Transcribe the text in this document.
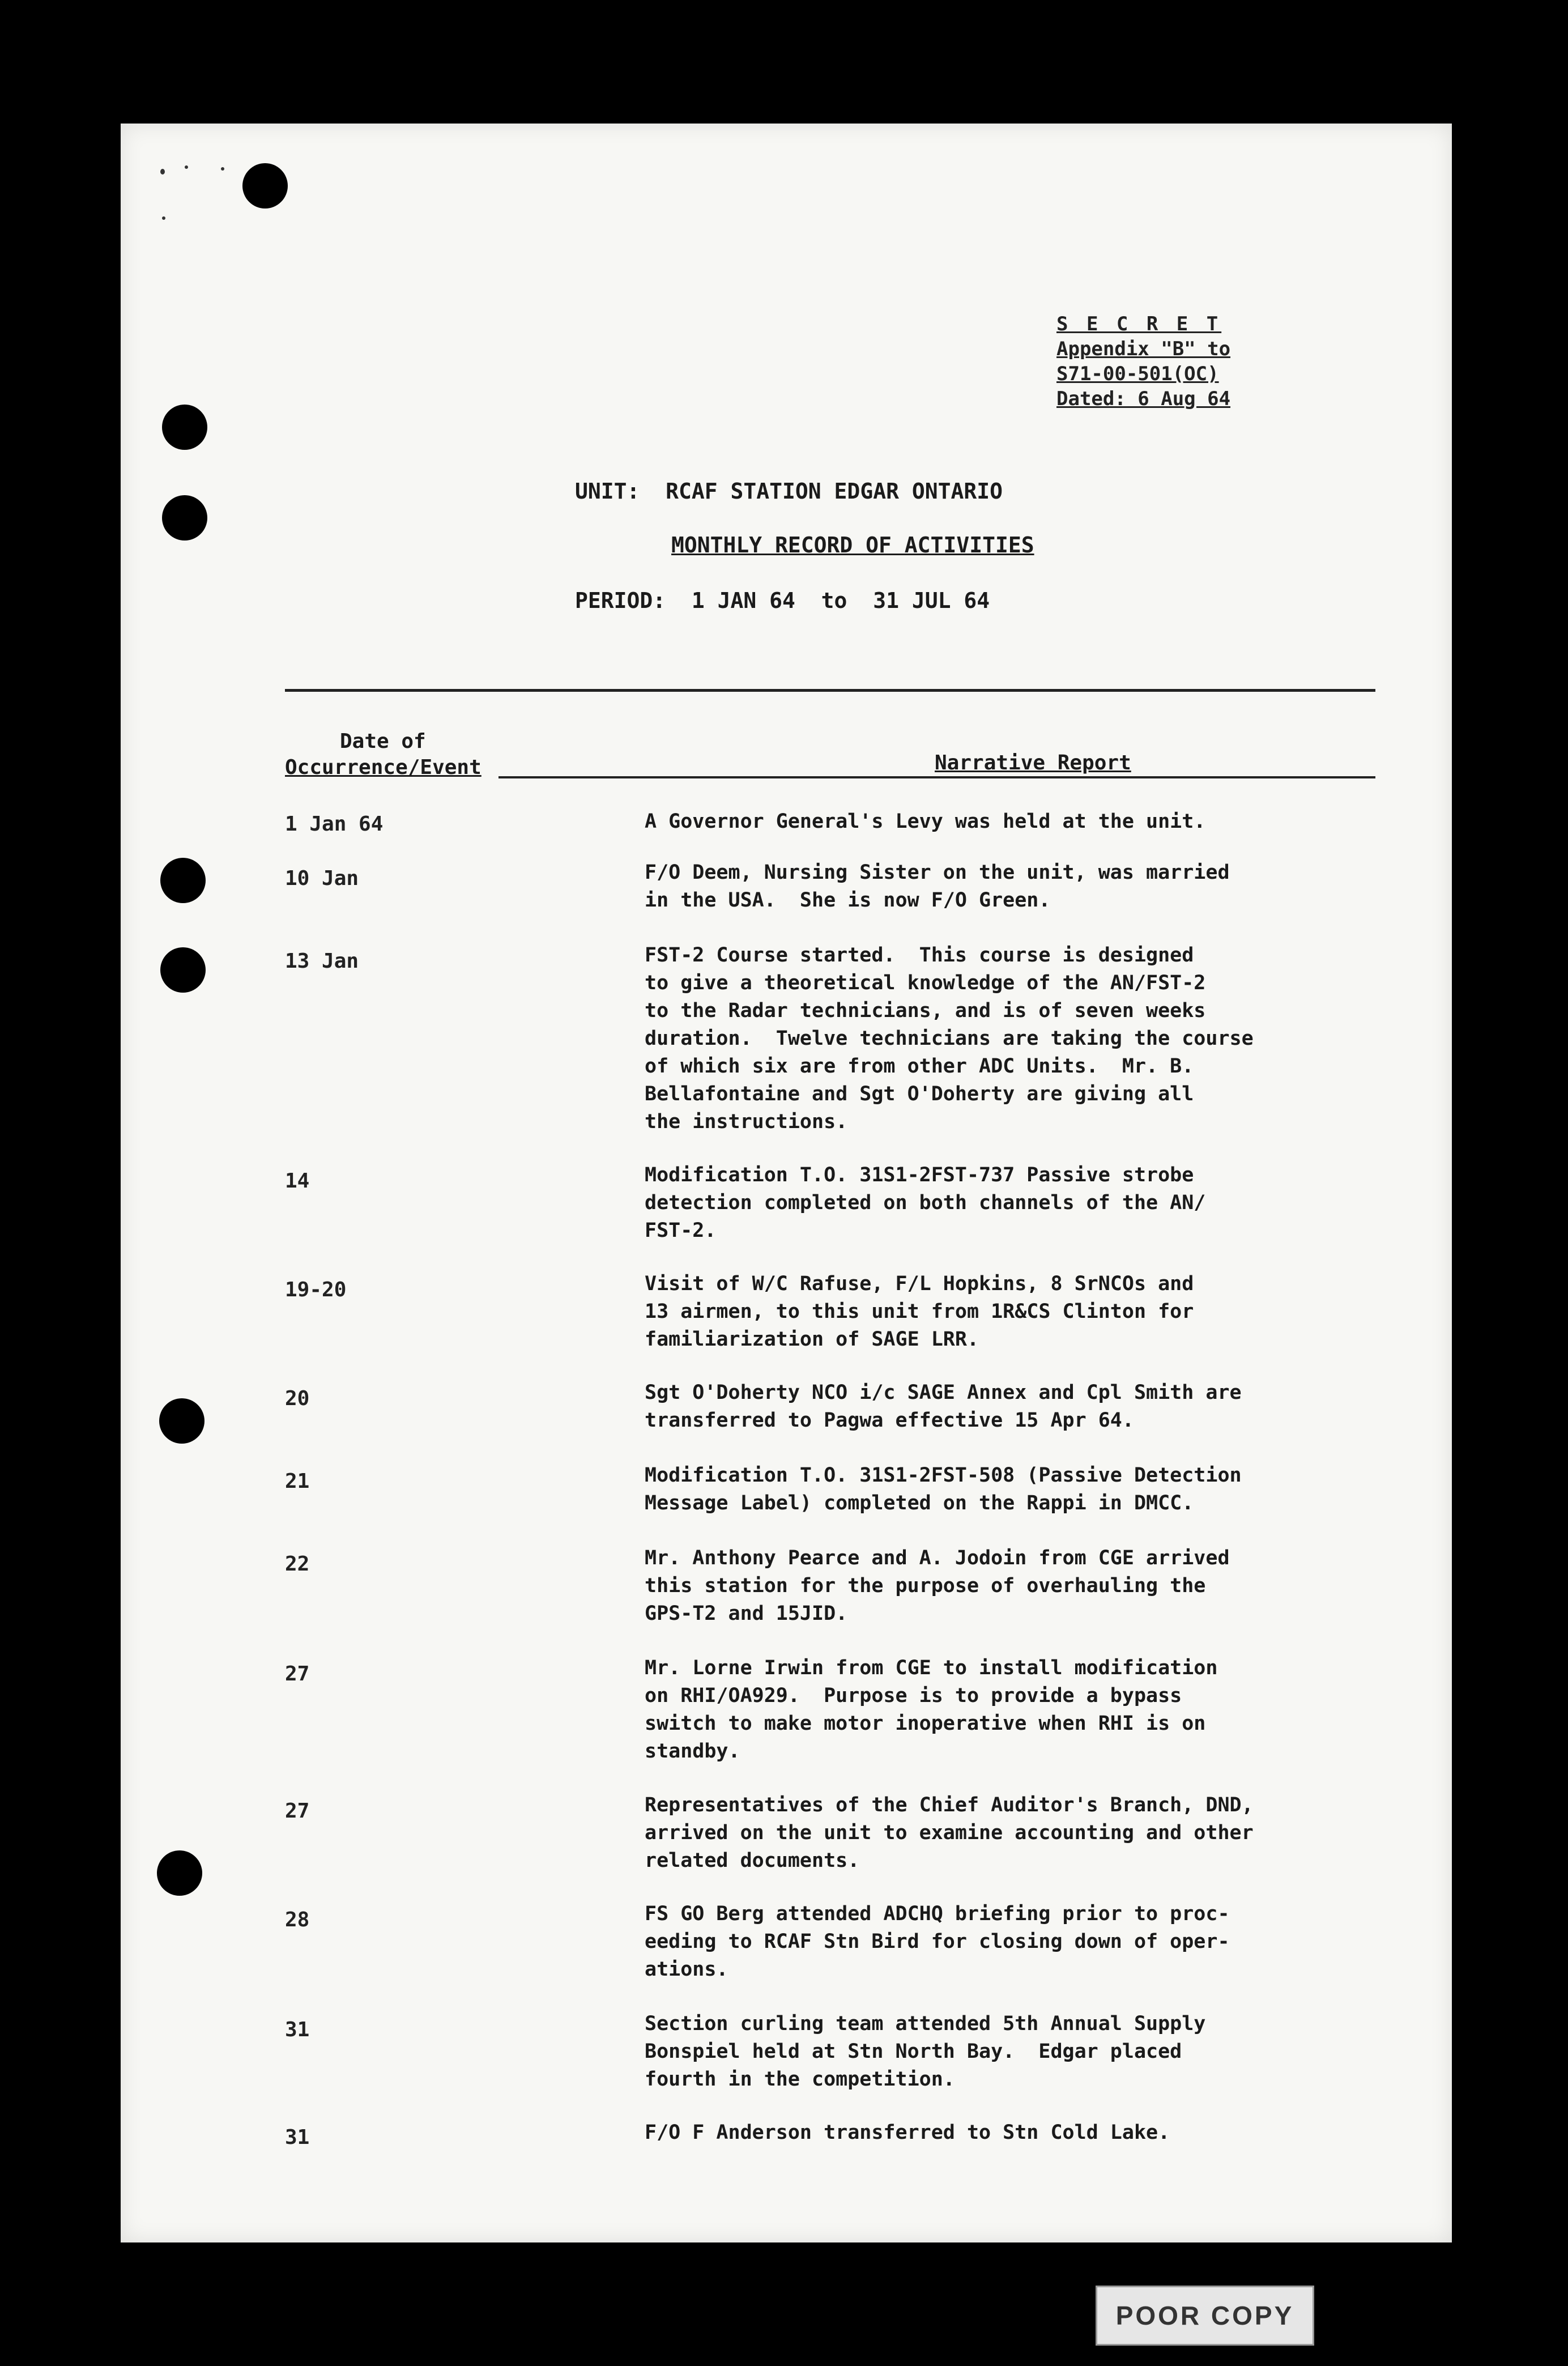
S E C R E T
Appendix "B" to
S71-00-501(OC)
Dated: 6 Aug 64
UNIT:  RCAF STATION EDGAR ONTARIO
MONTHLY RECORD OF ACTIVITIES
PERIOD:  1 JAN 64  to  31 JUL 64
Date of
Occurrence/Event	Narrative Report
1 Jan 64	A Governor General's Levy was held at the unit.
10 Jan	F/O Deem, Nursing Sister on the unit, was married
in the USA.  She is now F/O Green.
13 Jan	FST-2 Course started.  This course is designed
to give a theoretical knowledge of the AN/FST-2
to the Radar technicians, and is of seven weeks
duration.  Twelve technicians are taking the course
of which six are from other ADC Units.  Mr. B.
Bellafontaine and Sgt O'Doherty are giving all
the instructions.
14	Modification T.O. 31S1-2FST-737 Passive strobe
detection completed on both channels of the AN/
FST-2.
19-20	Visit of W/C Rafuse, F/L Hopkins, 8 SrNCOs and
13 airmen, to this unit from 1R&CS Clinton for
familiarization of SAGE LRR.
20	Sgt O'Doherty NCO i/c SAGE Annex and Cpl Smith are
transferred to Pagwa effective 15 Apr 64.
21	Modification T.O. 31S1-2FST-508 (Passive Detection
Message Label) completed on the Rappi in DMCC.
22	Mr. Anthony Pearce and A. Jodoin from CGE arrived
this station for the purpose of overhauling the
GPS-T2 and 15JID.
27	Mr. Lorne Irwin from CGE to install modification
on RHI/OA929.  Purpose is to provide a bypass
switch to make motor inoperative when RHI is on
standby.
27	Representatives of the Chief Auditor's Branch, DND,
arrived on the unit to examine accounting and other
related documents.
28	FS GO Berg attended ADCHQ briefing prior to proc-
eeding to RCAF Stn Bird for closing down of oper-
ations.
31	Section curling team attended 5th Annual Supply
Bonspiel held at Stn North Bay.  Edgar placed
fourth in the competition.
31	F/O F Anderson transferred to Stn Cold Lake.
POOR COPY
